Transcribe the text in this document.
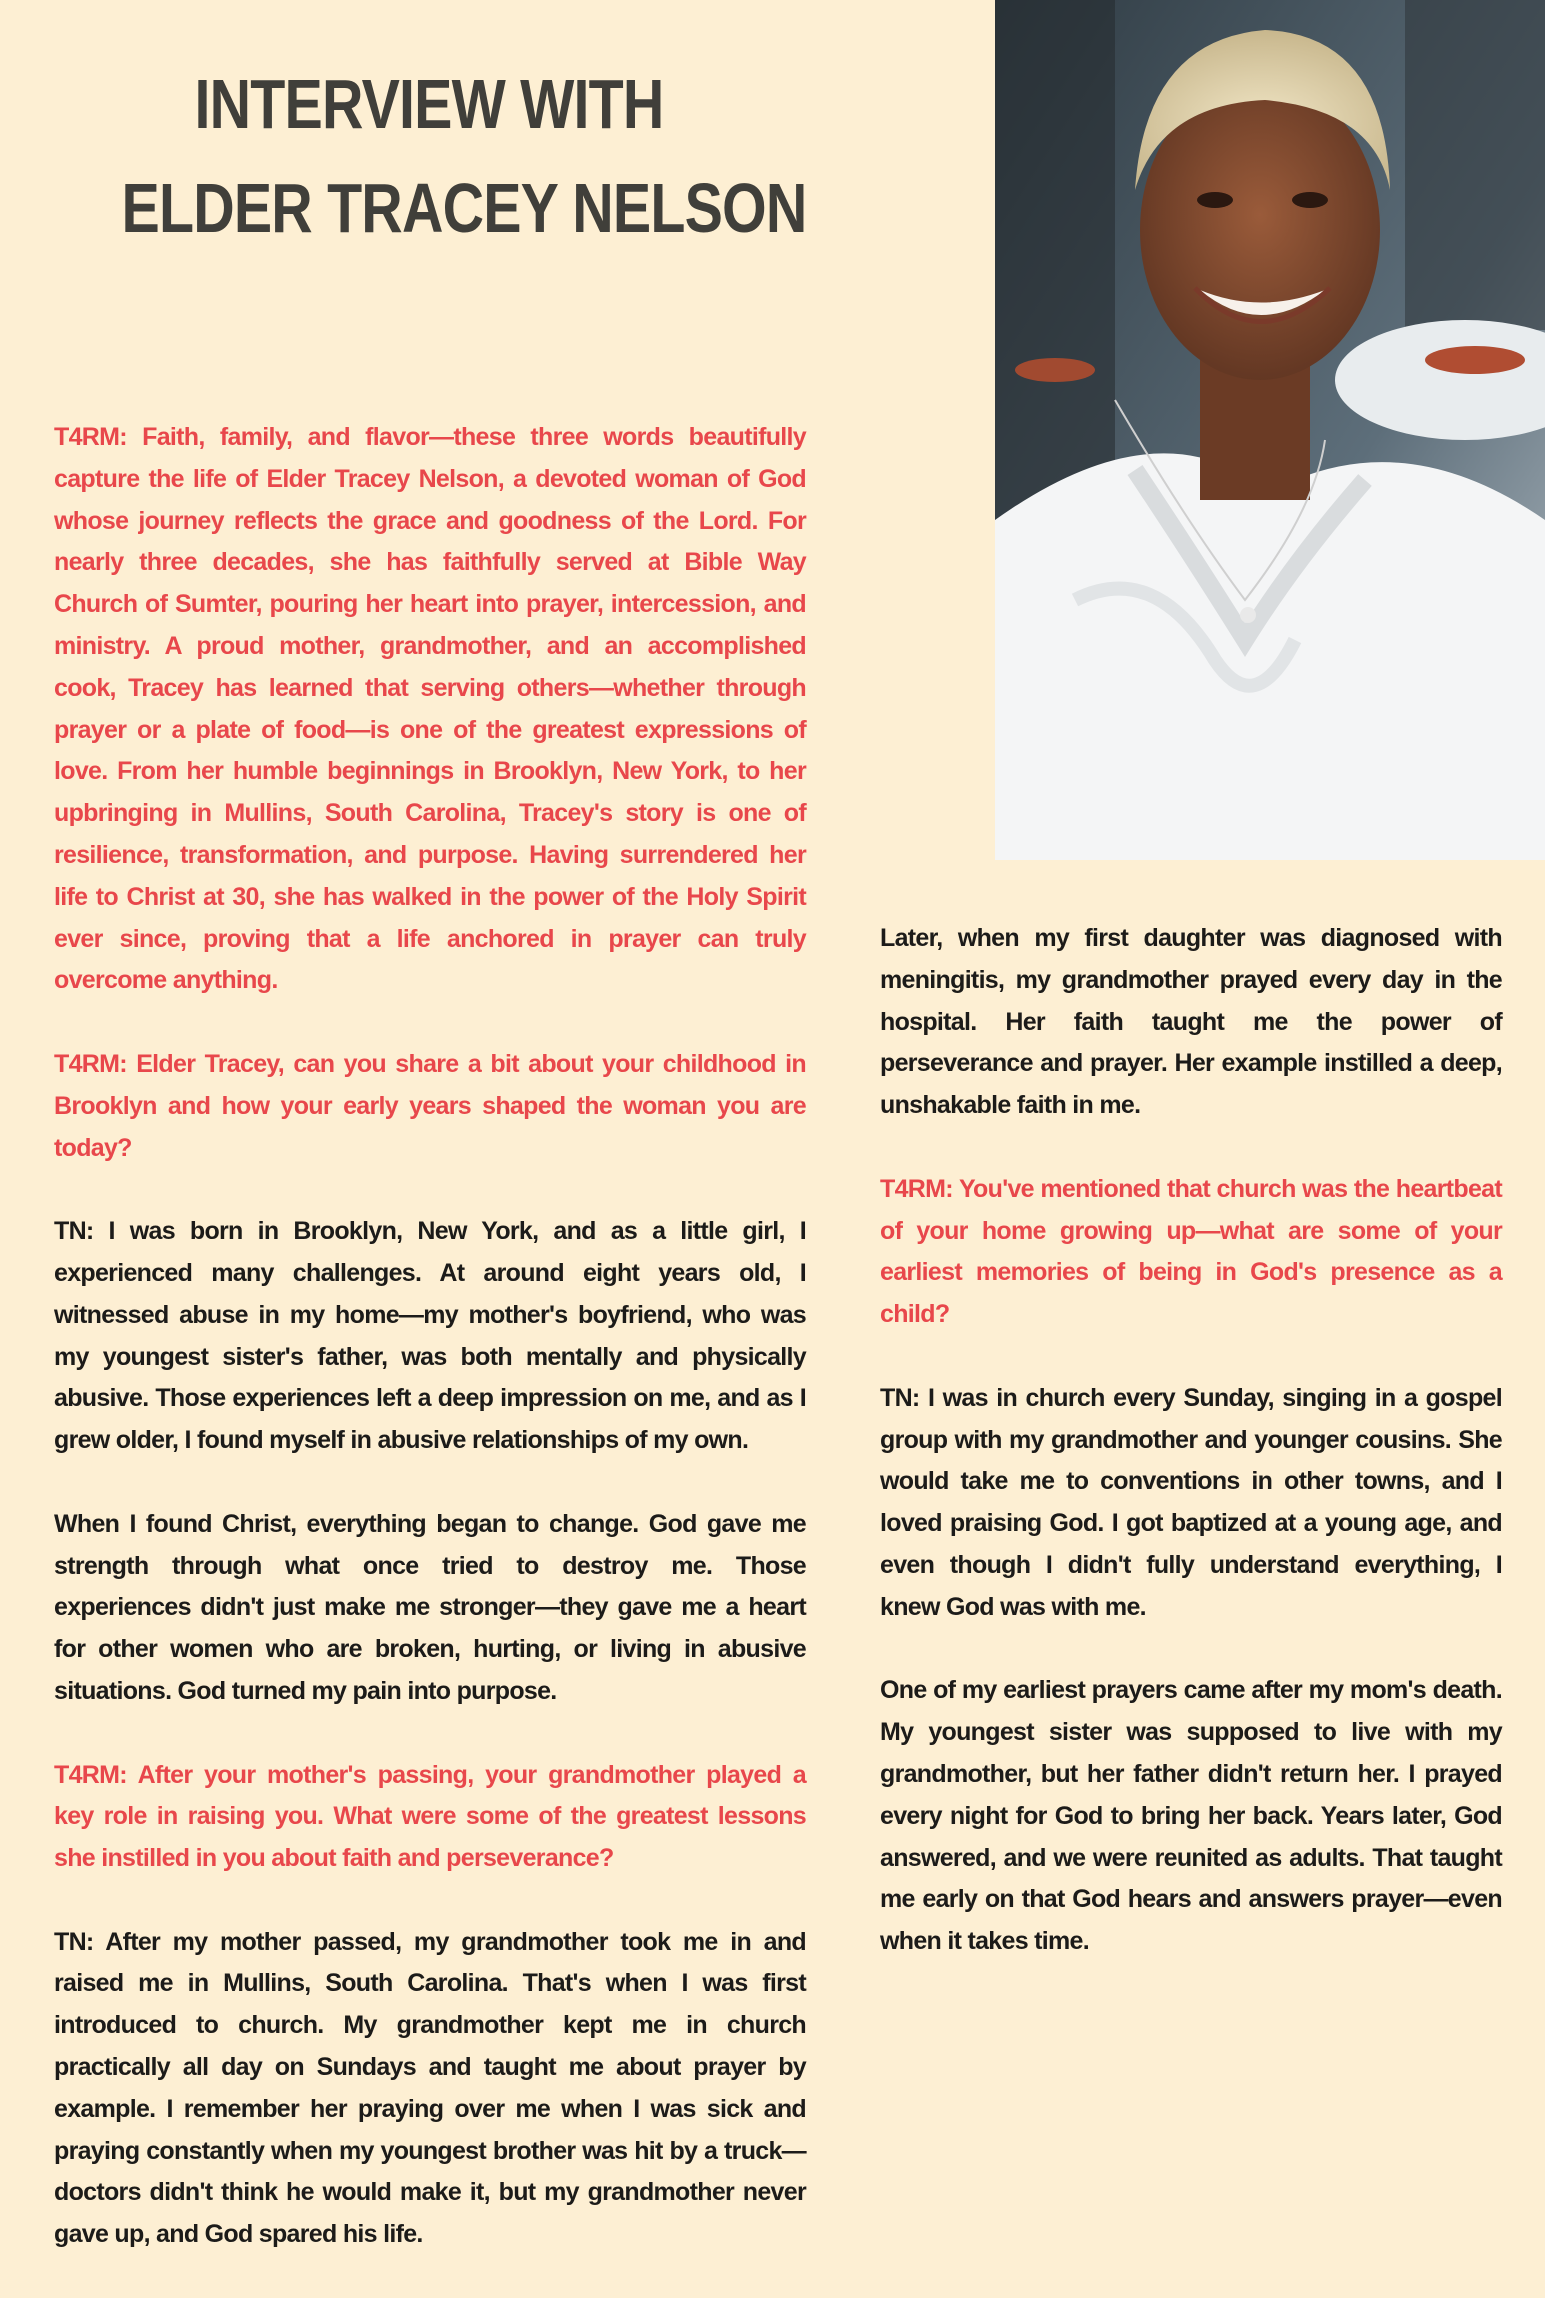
INTERVIEW WITH
ELDER TRACEY NELSON

T4RM: Faith, family, and flavor—these three words beautifully capture the life of Elder Tracey Nelson, a devoted woman of God whose journey reflects the grace and goodness of the Lord. For nearly three decades, she has faithfully served at Bible Way Church of Sumter, pouring her heart into prayer, intercession, and ministry. A proud mother, grandmother, and an accomplished cook, Tracey has learned that serving others—whether through prayer or a plate of food—is one of the greatest expressions of love. From her humble beginnings in Brooklyn, New York, to her upbringing in Mullins, South Carolina, Tracey's story is one of resilience, transformation, and purpose. Having surrendered her life to Christ at 30, she has walked in the power of the Holy Spirit ever since, proving that a life anchored in prayer can truly overcome anything.

T4RM: Elder Tracey, can you share a bit about your childhood in Brooklyn and how your early years shaped the woman you are today?

TN: I was born in Brooklyn, New York, and as a little girl, I experienced many challenges. At around eight years old, I witnessed abuse in my home—my mother's boyfriend, who was my youngest sister's father, was both mentally and physically abusive. Those experiences left a deep impression on me, and as I grew older, I found myself in abusive relationships of my own.

When I found Christ, everything began to change. God gave me strength through what once tried to destroy me. Those experiences didn't just make me stronger—they gave me a heart for other women who are broken, hurting, or living in abusive situations. God turned my pain into purpose.

T4RM: After your mother's passing, your grandmother played a key role in raising you. What were some of the greatest lessons she instilled in you about faith and perseverance?

TN: After my mother passed, my grandmother took me in and raised me in Mullins, South Carolina. That's when I was first introduced to church. My grandmother kept me in church practically all day on Sundays and taught me about prayer by example. I remember her praying over me when I was sick and praying constantly when my youngest brother was hit by a truck—doctors didn't think he would make it, but my grandmother never gave up, and God spared his life.

Later, when my first daughter was diagnosed with meningitis, my grandmother prayed every day in the hospital. Her faith taught me the power of perseverance and prayer. Her example instilled a deep, unshakable faith in me.

T4RM: You've mentioned that church was the heartbeat of your home growing up—what are some of your earliest memories of being in God's presence as a child?

TN: I was in church every Sunday, singing in a gospel group with my grandmother and younger cousins. She would take me to conventions in other towns, and I loved praising God. I got baptized at a young age, and even though I didn't fully understand everything, I knew God was with me.

One of my earliest prayers came after my mom's death. My youngest sister was supposed to live with my grandmother, but her father didn't return her. I prayed every night for God to bring her back. Years later, God answered, and we were reunited as adults. That taught me early on that God hears and answers prayer—even when it takes time.
